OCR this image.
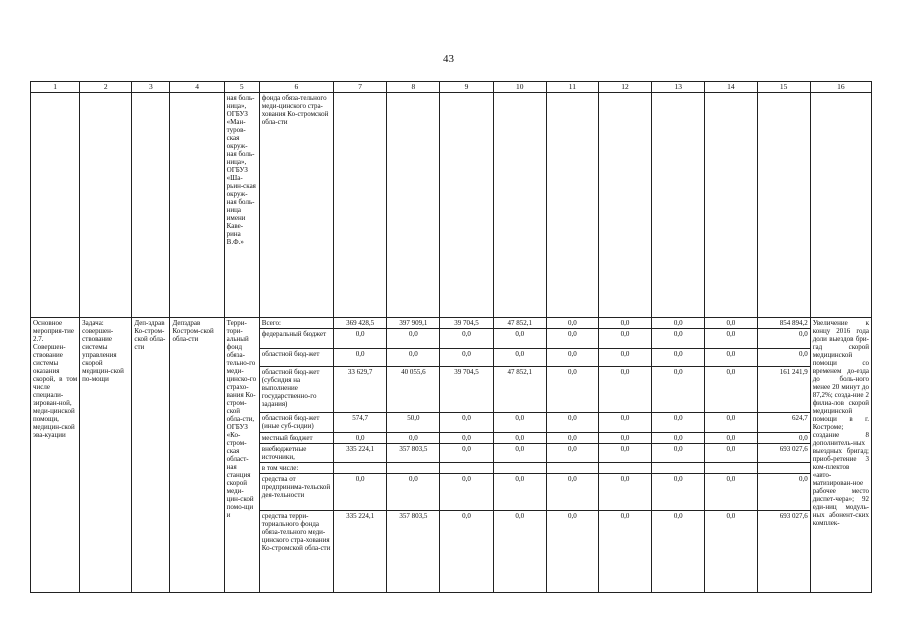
43
1	2	3	4	5	6	7	8	9	10	11	12	13	14	15	16
				ная боль-ница», ОГБУЗ «Ман-туров-ская окруж-ная боль-ница», ОГБУЗ «Ша-рьин-ская окруж-ная боль-ница имени Каве-рина В.Ф.»	фонда обяза-тельного меди-цинского стра-хования Ко-стромской обла-сти										
Основное мероприя-тие 2.7. Совершен-ствование системы оказания скорой, в том числе специали-зирован-ной, меди-цинской помощи, медицин-ской эва-куации	Задача: совершен-ствование системы управления скорой медицин-ской по-мощи	Деп-здрав Ко-стром-ской обла-сти	Депздрав Костром-ской обла-сти	Терри-тори-альный фонд обяза-тельно-го меди-цинско-го страхо-вания Ко-стром-ской обла-сти, ОГБУЗ «Ко-стром-ская област-ная станция скорой меди-цин-ской помо-щи и	Всего:	369 428,5	397 909,1	39 704,5	47 852,1	0,0	0,0	0,0	0,0	854 894,2	Увеличение к концу 2016 года доли выездов бри-гад скорой медицинской помощи со временем до-езда до боль-ного менее 20 минут до 87,2%; созда-ние 2 филиа-лов скорой медицинской помощи в г. Костроме; создание 8 дополнитель-ных выездных бригад; приоб-ретение 3 ком-плектов «авто-матизирован-ное рабочее место диспет-чера»; 92 еди-ниц модуль-ных абонент-ских комплек-
					федеральный бюджет	0,0	0,0	0,0	0,0	0,0	0,0	0,0	0,0	0,0	
					областной бюд-жет	0,0	0,0	0,0	0,0	0,0	0,0	0,0	0,0	0,0	
					областной бюд-жет (субсидия на выполнение государственно-го задания)	33 629,7	40 055,6	39 704,5	47 852,1	0,0	0,0	0,0	0,0	161 241,9	
					областной бюд-жет (иные суб-сидии)	574,7	50,0	0,0	0,0	0,0	0,0	0,0	0,0	624,7	
					местный бюджет	0,0	0,0	0,0	0,0	0,0	0,0	0,0	0,0	0,0	
					внебюджетные источники,	335 224,1	357 803,5	0,0	0,0	0,0	0,0	0,0	0,0	693 027,6	
					в том числе:										
					средства от предпринима-тельской дея-тельности	0,0	0,0	0,0	0,0	0,0	0,0	0,0	0,0	0,0	
					средства терри-ториального фонда обяза-тельного меди-цинского стра-хования Ко-стромской обла-сти	335 224,1	357 803,5	0,0	0,0	0,0	0,0	0,0	0,0	693 027,6	
